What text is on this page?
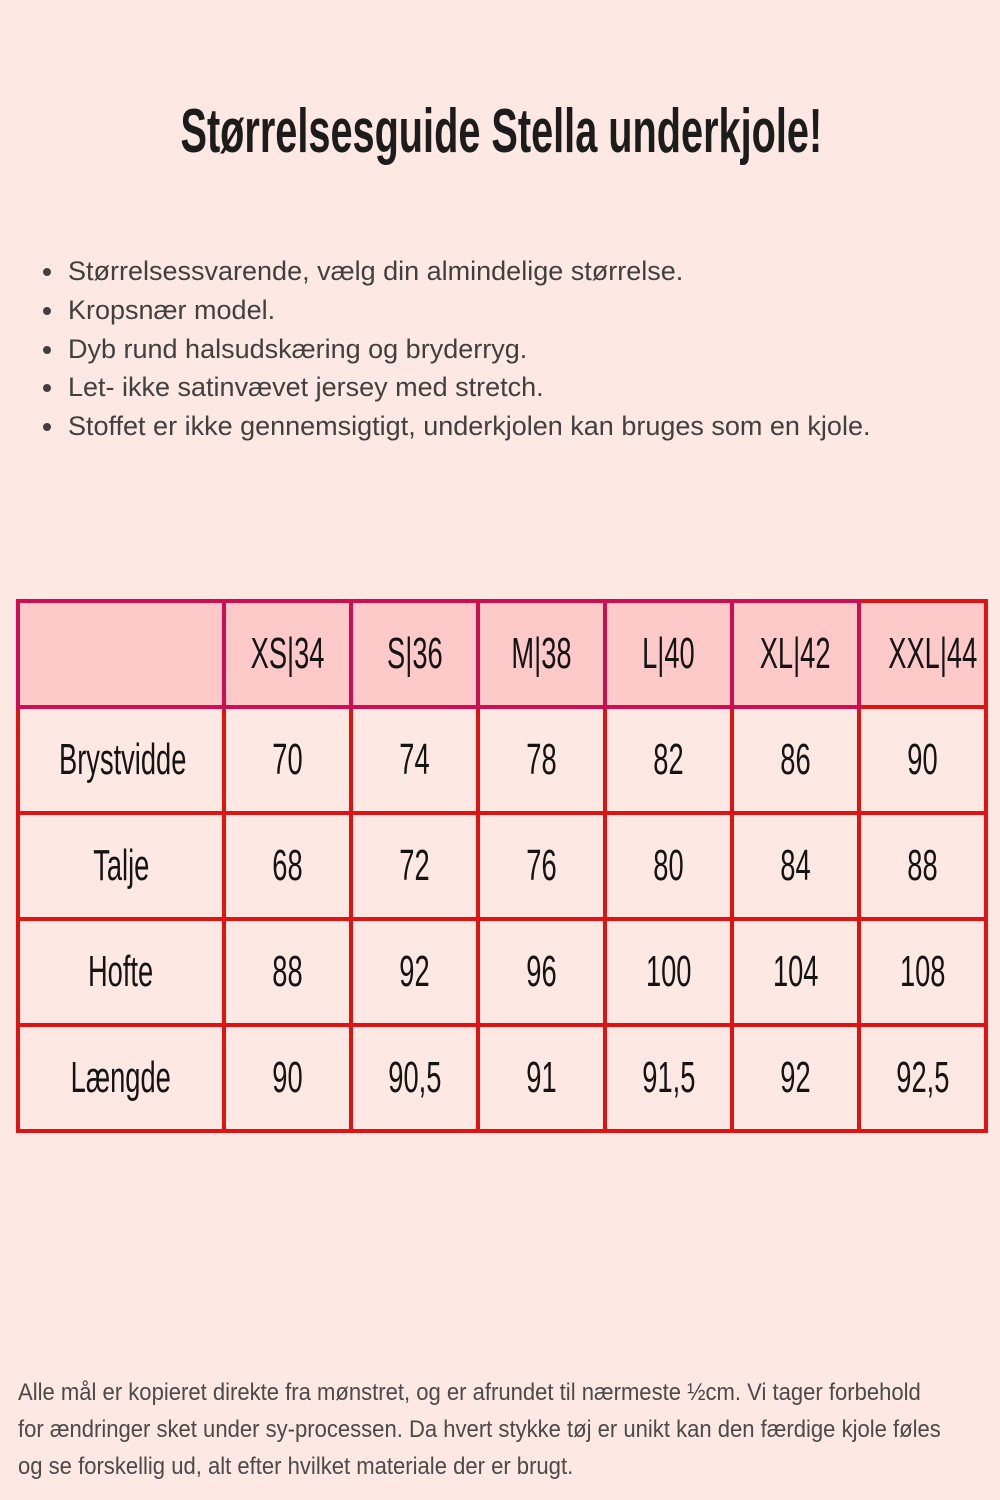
Størrelsesguide Stella underkjole!
• Størrelsessvarende, vælg din almindelige størrelse.
• Kropsnær model.
• Dyb rund halsudskæring og bryderryg.
• Let- ikke satinvævet jersey med stretch.
• Stoffet er ikke gennemsigtigt, underkjolen kan bruges som en kjole.
	XS|34	S|36	M|38	L|40	XL|42	XXL|44
Brystvidde	70	74	78	82	86	90
Talje	68	72	76	80	84	88
Hofte	88	92	96	100	104	108
Længde	90	90,5	91	91,5	92	92,5
Alle mål er kopieret direkte fra mønstret, og er afrundet til nærmeste ½cm. Vi tager forbehold
for ændringer sket under sy-processen. Da hvert stykke tøj er unikt kan den færdige kjole føles
og se forskellig ud, alt efter hvilket materiale der er brugt.
